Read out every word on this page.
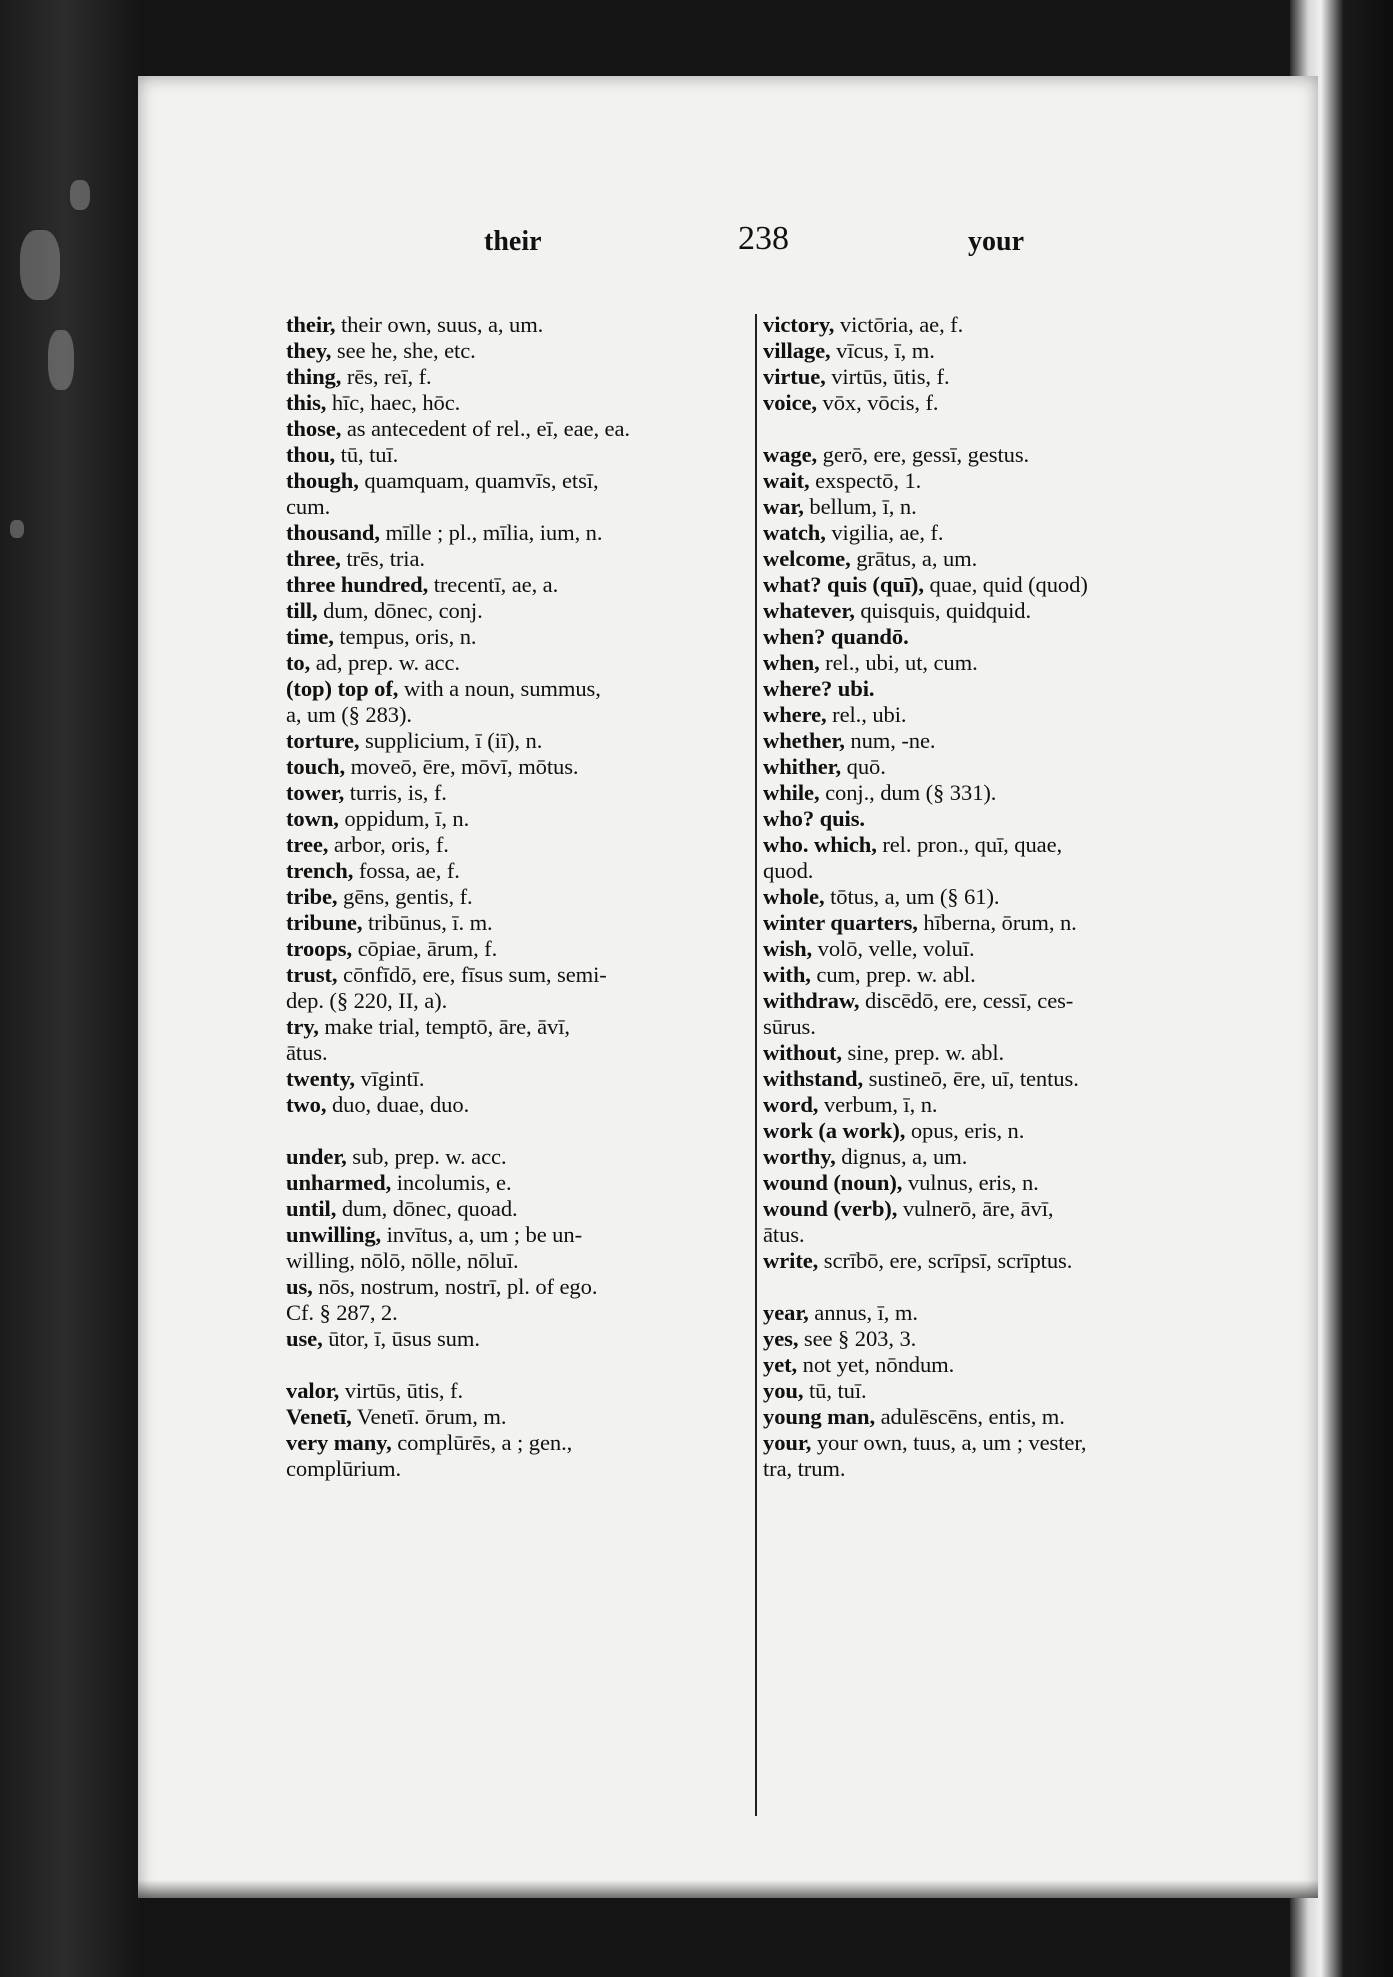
their	238	your
their, their own, suus, a, um.
they, see he, she, etc.
thing, rēs, reī, f.
this, hīc, haec, hōc.
those, as antecedent of rel., eī, eae, ea.
thou, tū, tuī.
though, quamquam, quamvīs, etsī,
cum.
thousand, mīlle ; pl., mīlia, ium, n.
three, trēs, tria.
three hundred, trecentī, ae, a.
till, dum, dōnec, conj.
time, tempus, oris, n.
to, ad, prep. w. acc.
(top) top of, with a noun, summus,
a, um (§ 283).
torture, supplicium, ī (iī), n.
touch, moveō, ēre, mōvī, mōtus.
tower, turris, is, f.
town, oppidum, ī, n.
tree, arbor, oris, f.
trench, fossa, ae, f.
tribe, gēns, gentis, f.
tribune, tribūnus, ī. m.
troops, cōpiae, ārum, f.
trust, cōnfīdō, ere, fīsus sum, semi-
dep. (§ 220, II, a).
try, make trial, temptō, āre, āvī,
ātus.
twenty, vīgintī.
two, duo, duae, duo.
under, sub, prep. w. acc.
unharmed, incolumis, e.
until, dum, dōnec, quoad.
unwilling, invītus, a, um ; be un-
willing, nōlō, nōlle, nōluī.
us, nōs, nostrum, nostrī, pl. of ego.
Cf. § 287, 2.
use, ūtor, ī, ūsus sum.
valor, virtūs, ūtis, f.
Venetī, Venetī. ōrum, m.
very many, complūrēs, a ; gen.,
complūrium.
victory, victōria, ae, f.
village, vīcus, ī, m.
virtue, virtūs, ūtis, f.
voice, vōx, vōcis, f.
wage, gerō, ere, gessī, gestus.
wait, exspectō, 1.
war, bellum, ī, n.
watch, vigilia, ae, f.
welcome, grātus, a, um.
what? quis (quī), quae, quid (quod)
whatever, quisquis, quidquid.
when? quandō.
when, rel., ubi, ut, cum.
where? ubi.
where, rel., ubi.
whether, num, -ne.
whither, quō.
while, conj., dum (§ 331).
who? quis.
who. which, rel. pron., quī, quae,
quod.
whole, tōtus, a, um (§ 61).
winter quarters, hīberna, ōrum, n.
wish, volō, velle, voluī.
with, cum, prep. w. abl.
withdraw, discēdō, ere, cessī, ces-
sūrus.
without, sine, prep. w. abl.
withstand, sustineō, ēre, uī, tentus.
word, verbum, ī, n.
work (a work), opus, eris, n.
worthy, dignus, a, um.
wound (noun), vulnus, eris, n.
wound (verb), vulnerō, āre, āvī,
ātus.
write, scrībō, ere, scrīpsī, scrīptus.
year, annus, ī, m.
yes, see § 203, 3.
yet, not yet, nōndum.
you, tū, tuī.
young man, adulēscēns, entis, m.
your, your own, tuus, a, um ; vester,
tra, trum.
